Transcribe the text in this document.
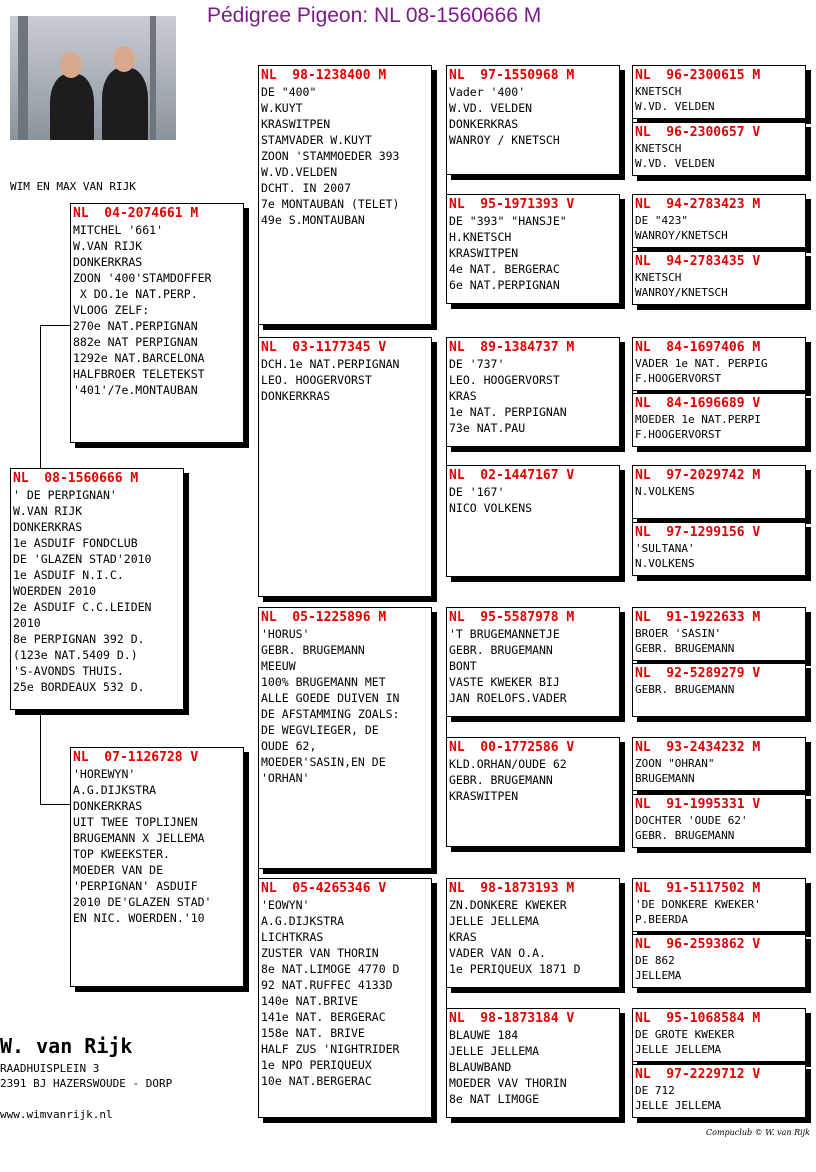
Pédigree Pigeon: NL 08-1560666 M
WIM EN MAX VAN RIJK
NL  08-1560666 M
' DE PERPIGNAN'
W.VAN RIJK
DONKERKRAS
1e ASDUIF FONDCLUB
DE 'GLAZEN STAD'2010
1e ASDUIF N.I.C.
WOERDEN 2010
2e ASDUIF C.C.LEIDEN
2010
8e PERPIGNAN 392 D.
(123e NAT.5409 D.)
'S-AVONDS THUIS.
25e BORDEAUX 532 D.
NL  04-2074661 M
MITCHEL '661'
W.VAN RIJK
DONKERKRAS
ZOON '400'STAMDOFFER
X DO.1e NAT.PERP.
VLOOG ZELF:
270e NAT.PERPIGNAN
882e NAT PERPIGNAN
1292e NAT.BARCELONA
HALFBROER TELETEKST
'401'/7e.MONTAUBAN
NL  07-1126728 V
'HOREWYN'
A.G.DIJKSTRA
DONKERKRAS
UIT TWEE TOPLIJNEN
BRUGEMANN X JELLEMA
TOP KWEEKSTER.
MOEDER VAN DE
'PERPIGNAN' ASDUIF
2010 DE'GLAZEN STAD'
EN NIC. WOERDEN.'10
NL  98-1238400 M
DE "400"
W.KUYT
KRASWITPEN
STAMVADER W.KUYT
ZOON 'STAMMOEDER 393
W.VD.VELDEN
DCHT. IN 2007
7e MONTAUBAN (TELET)
49e S.MONTAUBAN
NL  03-1177345 V
DCH.1e NAT.PERPIGNAN
LEO. HOOGERVORST
DONKERKRAS
NL  05-1225896 M
'HORUS'
GEBR. BRUGEMANN
MEEUW
100% BRUGEMANN MET
ALLE GOEDE DUIVEN IN
DE AFSTAMMING ZOALS:
DE WEGVLIEGER, DE
OUDE 62,
MOEDER'SASIN,EN DE
'ORHAN'
NL  05-4265346 V
'EOWYN'
A.G.DIJKSTRA
LICHTKRAS
ZUSTER VAN THORIN
8e NAT.LIMOGE 4770 D
92 NAT.RUFFEC 4133D
140e NAT.BRIVE
141e NAT. BERGERAC
158e NAT. BRIVE
HALF ZUS 'NIGHTRIDER
1e NPO PERIQUEUX
10e NAT.BERGERAC
NL  97-1550968 M
Vader '400'
W.VD. VELDEN
DONKERKRAS
WANROY / KNETSCH
NL  95-1971393 V
DE "393" "HANSJE"
H.KNETSCH
KRASWITPEN
4e NAT. BERGERAC
6e NAT.PERPIGNAN
NL  89-1384737 M
DE '737'
LEO. HOOGERVORST
KRAS
1e NAT. PERPIGNAN
73e NAT.PAU
NL  02-1447167 V
DE '167'
NICO VOLKENS
NL  95-5587978 M
'T BRUGEMANNETJE
GEBR. BRUGEMANN
BONT
VASTE KWEKER BIJ
JAN ROELOFS.VADER
NL  00-1772586 V
KLD.ORHAN/OUDE 62
GEBR. BRUGEMANN
KRASWITPEN
NL  98-1873193 M
ZN.DONKERE KWEKER
JELLE JELLEMA
KRAS
VADER VAN O.A.
1e PERIQUEUX 1871 D
NL  98-1873184 V
BLAUWE 184
JELLE JELLEMA
BLAUWBAND
MOEDER VAV THORIN
8e NAT LIMOGE
NL  96-2300615 M
KNETSCH
W.VD. VELDEN
NL  96-2300657 V
KNETSCH
W.VD. VELDEN
NL  94-2783423 M
DE "423"
WANROY/KNETSCH
NL  94-2783435 V
KNETSCH
WANROY/KNETSCH
NL  84-1697406 M
VADER 1e NAT. PERPIG
F.HOOGERVORST
NL  84-1696689 V
MOEDER 1e NAT.PERPI
F.HOOGERVORST
NL  97-2029742 M
N.VOLKENS
NL  97-1299156 V
'SULTANA'
N.VOLKENS
NL  91-1922633 M
BROER 'SASIN'
GEBR. BRUGEMANN
NL  92-5289279 V
GEBR. BRUGEMANN
NL  93-2434232 M
ZOON "OHRAN"
BRUGEMANN
NL  91-1995331 V
DOCHTER 'OUDE 62'
GEBR. BRUGEMANN
NL  91-5117502 M
'DE DONKERE KWEKER'
P.BEERDA
NL  96-2593862 V
DE 862
JELLEMA
NL  95-1068584 M
DE GROTE KWEKER
JELLE JELLEMA
NL  97-2229712 V
DE 712
JELLE JELLEMA
W. van Rijk
RAADHUISPLEIN 3
2391 BJ HAZERSWOUDE - DORP
www.wimvanrijk.nl
Compuclub © W. van Rijk
